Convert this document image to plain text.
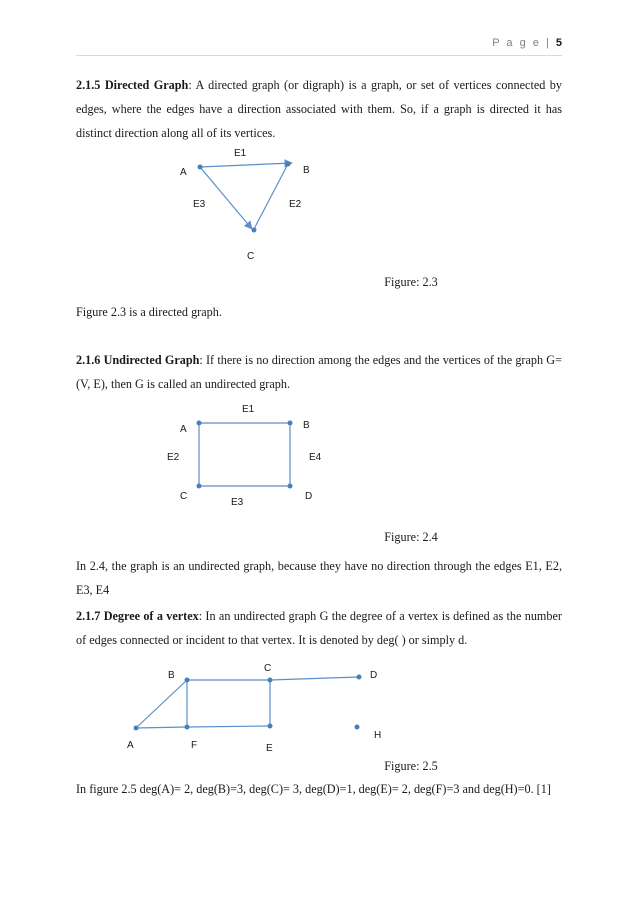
P a g e | 5
2.1.5 Directed Graph: A directed graph (or digraph) is a graph, or set of vertices connected by edges, where the edges have a direction associated with them. So, if a graph is directed it has distinct direction along all of its vertices.
A	B
C
E1
E2
E3
Figure: 2.3
Figure 2.3 is a directed graph.
2.1.6 Undirected Graph: If there is no direction among the edges and the vertices of the graph G= (V, E), then G is called an undirected graph.
A	B
C	D
E1
E2
E3
E4
Figure: 2.4
In 2.4, the graph is an undirected graph, because they have no direction through the edges E1, E2, E3, E4
2.1.7 Degree of a vertex: In an undirected graph G the degree of a vertex is defined as the number of edges connected or incident to that vertex. It is denoted by deg( ) or simply d.
B
C
D
A	F	E
H
Figure: 2.5
In figure 2.5 deg(A)= 2, deg(B)=3, deg(C)= 3, deg(D)=1, deg(E)= 2, deg(F)=3 and deg(H)=0. [1]
